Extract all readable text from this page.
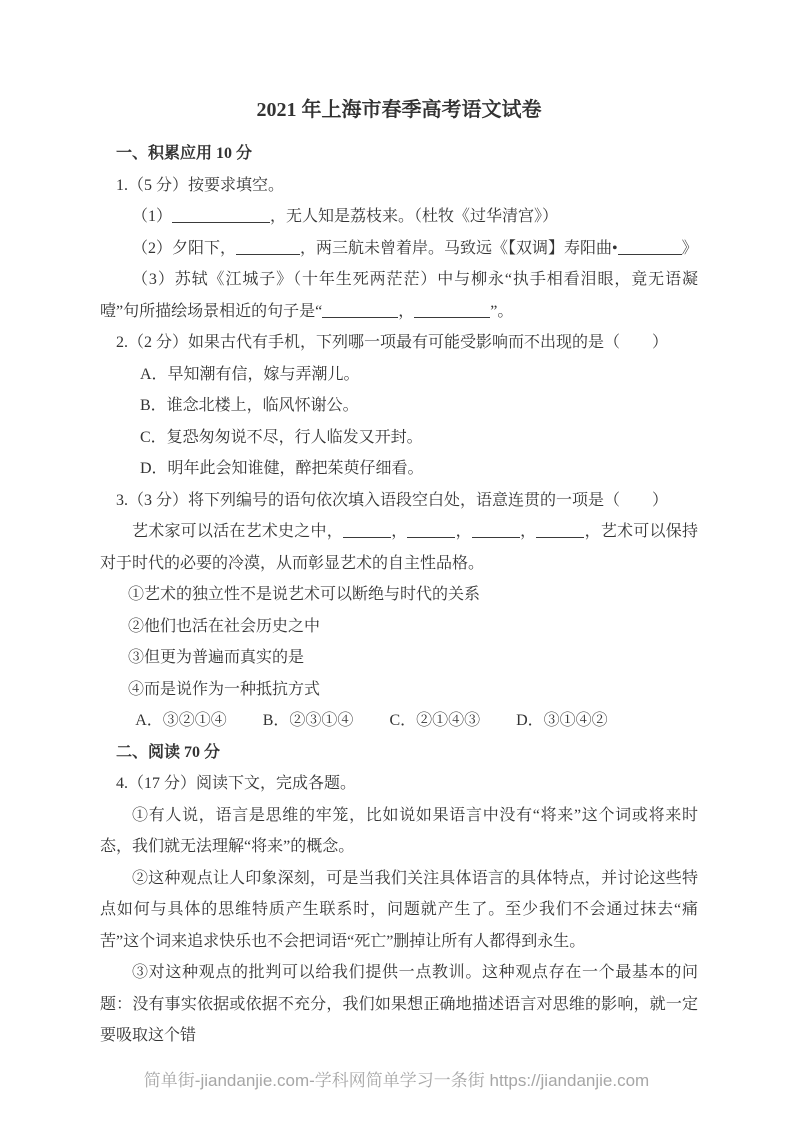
2021 年上海市春季高考语文试卷

一、积累应用 10 分

1.（5 分）按要求填空。

（1）	，无人知是荔枝来。（杜牧《过华清宫》）

（2）夕阳下，	，两三航未曾着岸。马致远《【双调】寿阳曲•	》

（3）苏轼《江城子》（十年生死两茫茫）中与柳永“执手相看泪眼，竟无语凝噎”句所描绘场景相近的句子是“	，	”。

2.（2 分）如果古代有手机，下列哪一项最有可能受影响而不出现的是（　　）

A．早知潮有信，嫁与弄潮儿。

B．谁念北楼上，临风怀谢公。

C．复恐匆匆说不尽，行人临发又开封。

D．明年此会知谁健，醉把茱萸仔细看。

3.（3 分）将下列编号的语句依次填入语段空白处，语意连贯的一项是（　　）

艺术家可以活在艺术史之中，	，	，	，	，艺术可以保持对于时代的必要的冷漠，从而彰显艺术的自主性品格。

①艺术的独立性不是说艺术可以断绝与时代的关系

②他们也活在社会历史之中

③但更为普遍而真实的是

④而是说作为一种抵抗方式

A．③②①④ B．②③①④ C．②①④③ D．③①④②

二、阅读 70 分

4.（17 分）阅读下文，完成各题。

①有人说，语言是思维的牢笼，比如说如果语言中没有“将来”这个词或将来时态，我们就无法理解“将来”的概念。

②这种观点让人印象深刻，可是当我们关注具体语言的具体特点，并讨论这些特点如何与具体的思维特质产生联系时，问题就产生了。至少我们不会通过抹去“痛苦”这个词来追求快乐也不会把词语“死亡”删掉让所有人都得到永生。

③对这种观点的批判可以给我们提供一点教训。这种观点存在一个最基本的问题：没有事实依据或依据不充分，我们如果想正确地描述语言对思维的影响，就一定要吸取这个错

简单街-jiandanjie.com-学科网简单学习一条街 https://jiandanjie.com
